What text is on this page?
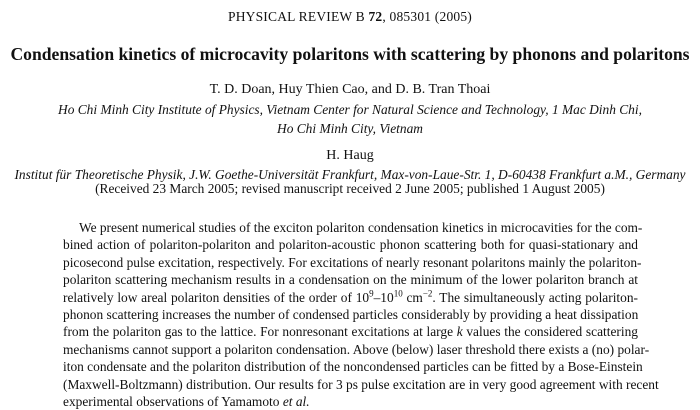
PHYSICAL REVIEW B 72, 085301 (2005)
Condensation kinetics of microcavity polaritons with scattering by phonons and polaritons
T. D. Doan, Huy Thien Cao, and D. B. Tran Thoai
Ho Chi Minh City Institute of Physics, Vietnam Center for Natural Science and Technology, 1 Mac Dinh Chi,
Ho Chi Minh City, Vietnam
H. Haug
Institut für Theoretische Physik, J.W. Goethe-Universität Frankfurt, Max-von-Laue-Str. 1, D-60438 Frankfurt a.M., Germany
(Received 23 March 2005; revised manuscript received 2 June 2005; published 1 August 2005)
We present numerical studies of the exciton polariton condensation kinetics in microcavities for the com-
bined action of polariton-polariton and polariton-acoustic phonon scattering both for quasi-stationary and
picosecond pulse excitation, respectively. For excitations of nearly resonant polaritons mainly the polariton-
polariton scattering mechanism results in a condensation on the minimum of the lower polariton branch at
relatively low areal polariton densities of the order of $10^9-10^{10}$ $cm^{-2}$. The simultaneously acting polariton-
phonon scattering increases the number of condensed particles considerably by providing a heat dissipation
from the polariton gas to the lattice. For nonresonant excitations at large k values the considered scattering
mechanisms cannot support a polariton condensation. Above (below) laser threshold there exists a (no) polar-
iton condensate and the polariton distribution of the noncondensed particles can be fitted by a Bose-Einstein
(Maxwell-Boltzmann) distribution. Our results for 3 ps pulse excitation are in very good agreement with recent
experimental observations of Yamamoto et al.
